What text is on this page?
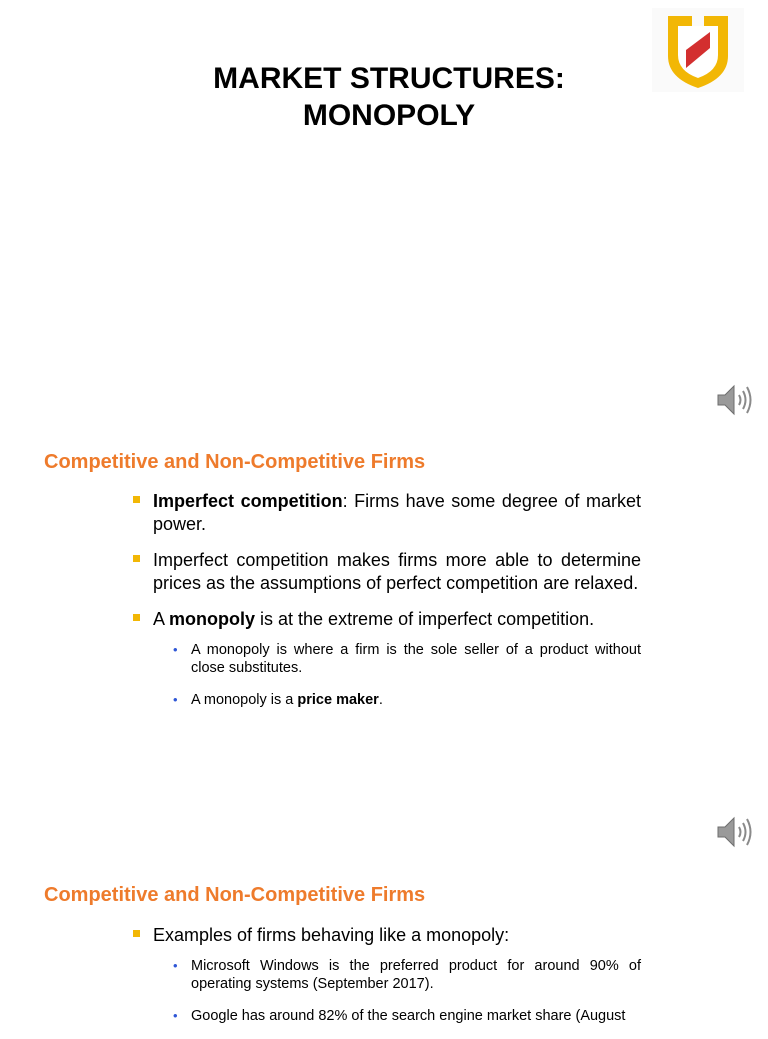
MARKET STRUCTURES:
MONOPOLY
Competitive and Non-Competitive Firms
Imperfect competition: Firms have some degree of market power.
Imperfect competition makes firms more able to determine prices as the assumptions of perfect competition are relaxed.
A monopoly is at the extreme of imperfect competition.
• A monopoly is where a firm is the sole seller of a product without close substitutes.
• A monopoly is a price maker.
Competitive and Non-Competitive Firms
Examples of firms behaving like a monopoly:
• Microsoft Windows is the preferred product for around 90% of operating systems (September 2017).
• Google has around 82% of the search engine market share (August
